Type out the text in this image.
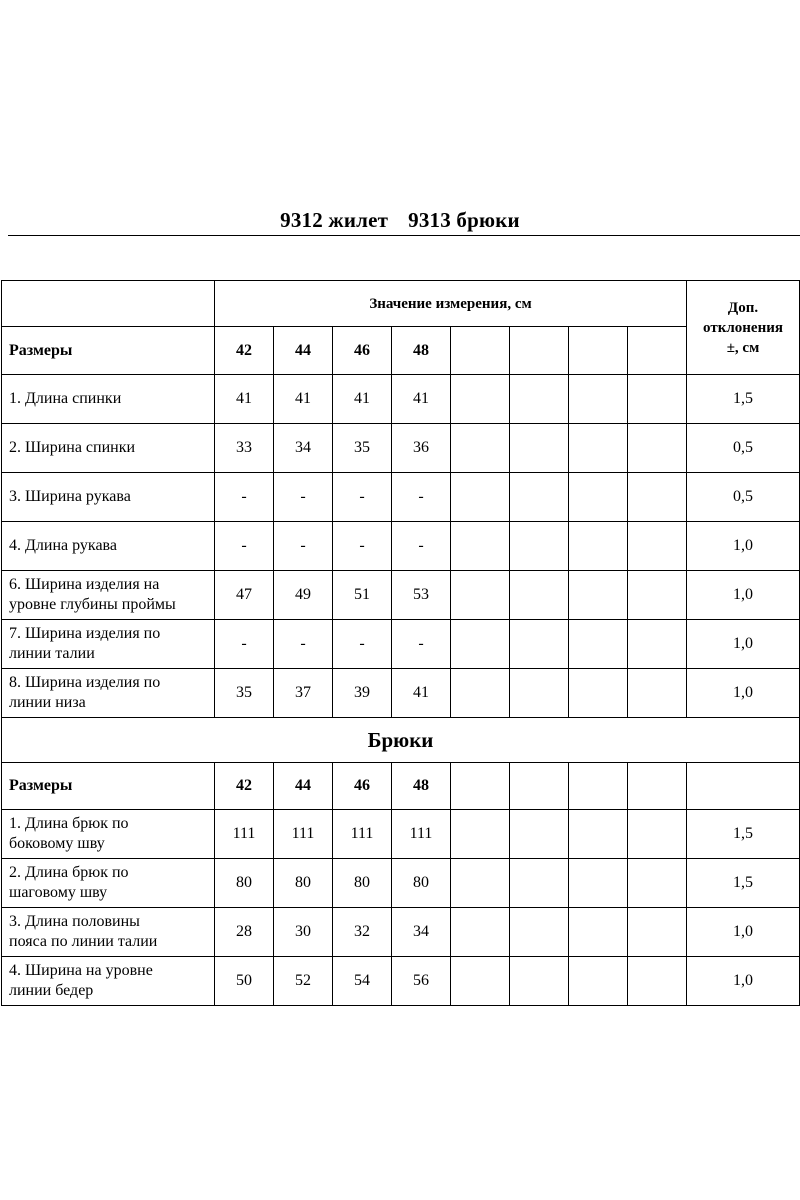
9312 жилет 9313 брюки
	Значение измерения, см								Доп.
отклонения
±, см
Размеры	42	44	46	48					
1. Длина спинки	41	41	41	41					1,5
2. Ширина спинки	33	34	35	36					0,5
3. Ширина рукава	-	-	-	-					0,5
4. Длина рукава	-	-	-	-					1,0
6. Ширина изделия на
уровне глубины проймы	47	49	51	53					1,0
7. Ширина изделия по
линии талии	-	-	-	-					1,0
8. Ширина изделия по
линии низа	35	37	39	41					1,0
Брюки									
Размеры	42	44	46	48					
1. Длина брюк по
боковому шву	111	111	111	111					1,5
2. Длина брюк по
шаговому шву	80	80	80	80					1,5
3. Длина половины
пояса по линии талии	28	30	32	34					1,0
4. Ширина на уровне
линии бедер	50	52	54	56					1,0
